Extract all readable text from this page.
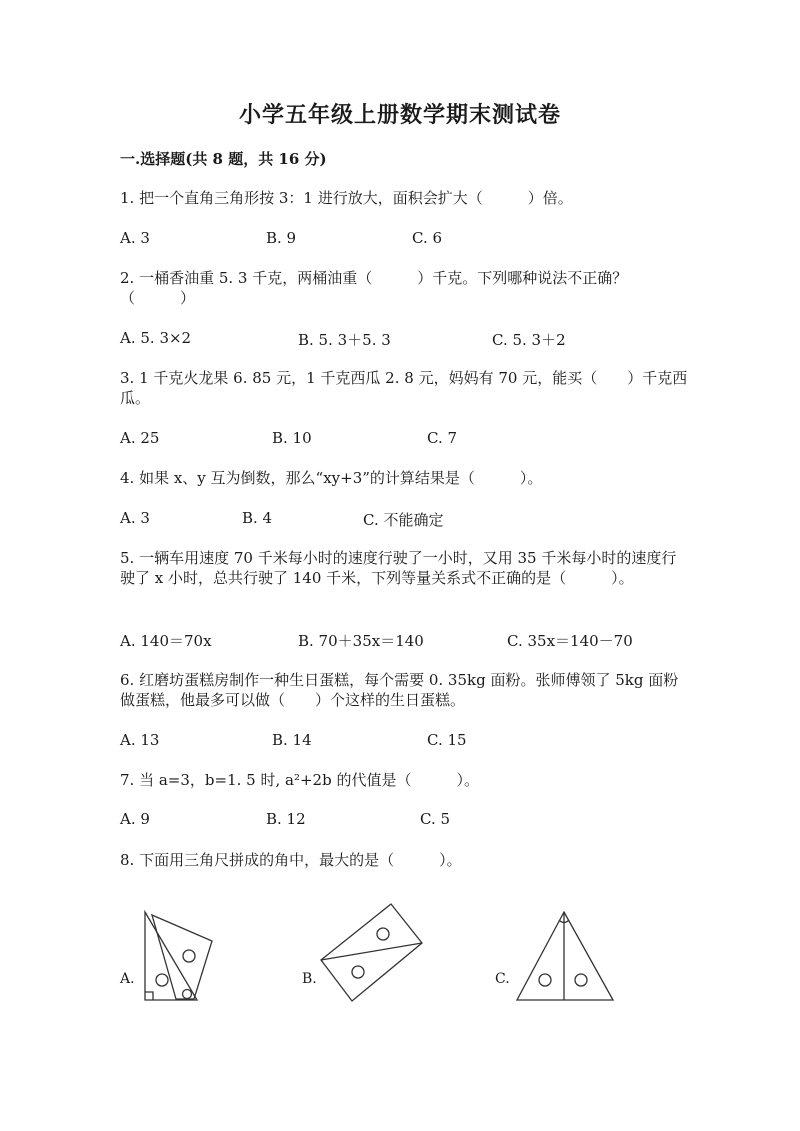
小学五年级上册数学期末测试卷
一.选择题(共 8 题，共 16 分)
1. 把一个直角三角形按 3：1 进行放大，面积会扩大（　　　）倍。
A. 3	B. 9	C. 6
2. 一桶香油重 5. 3 千克，两桶油重（　　　）千克。下列哪种说法不正确？（　　　）
A. 5. 3×2	B. 5. 3＋5. 3	C. 5. 3＋2
3. 1 千克火龙果 6. 85 元，1 千克西瓜 2. 8 元，妈妈有 70 元，能买（　　）千克西瓜。
A. 25	B. 10	C. 7
4. 如果 x、y 互为倒数，那么“xy+3”的计算结果是（　　　）。
A. 3	B. 4	C. 不能确定
5. 一辆车用速度 70 千米每小时的速度行驶了一小时，又用 35 千米每小时的速度行驶了 x 小时，总共行驶了 140 千米，下列等量关系式不正确的是（　　　）。
A. 140＝70x	B. 70＋35x＝140	C. 35x＝140－70
6. 红磨坊蛋糕房制作一种生日蛋糕，每个需要 0. 35kg 面粉。张师傅领了 5kg 面粉做蛋糕，他最多可以做（　　）个这样的生日蛋糕。
A. 13	B. 14	C. 15
7. 当 a=3，b=1. 5 时, a²+2b 的代值是（　　　）。
A. 9	B. 12	C. 5
8. 下面用三角尺拼成的角中，最大的是（　　　）。
A.	B.	C.
